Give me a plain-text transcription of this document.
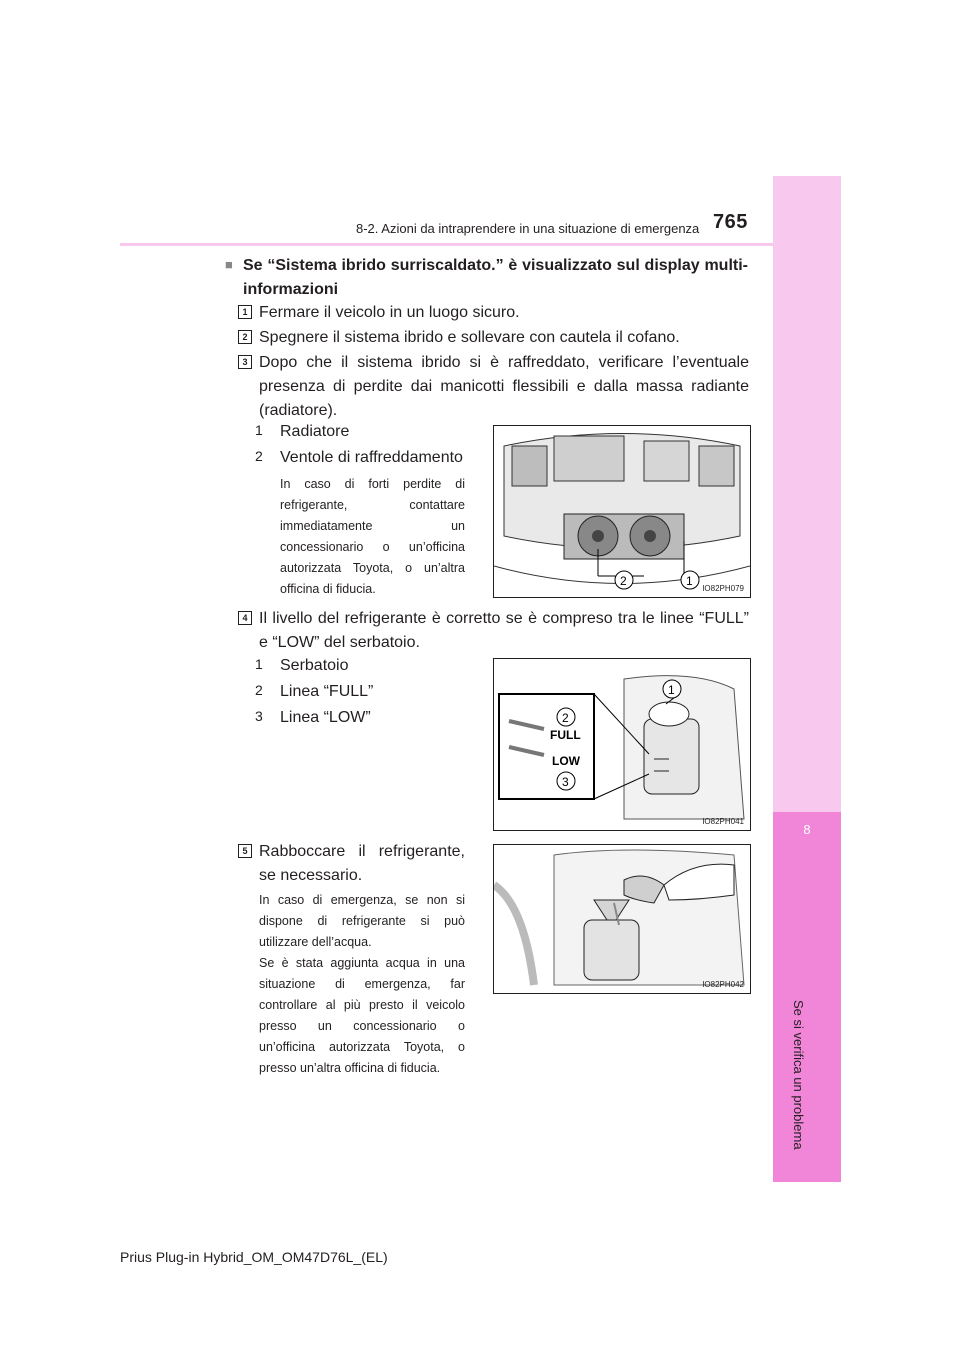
8
Se si verifica un problema
8-2. Azioni da intraprendere in una situazione di emergenza 765
■ Se “Sistema ibrido surriscaldato.” è visualizzato sul display multi-informazioni
1 Fermare il veicolo in un luogo sicuro.
2 Spegnere il sistema ibrido e sollevare con cautela il cofano.
3 Dopo che il sistema ibrido si è raffreddato, verificare l’eventuale presenza di perdite dai manicotti flessibili e dalla massa radiante (radiatore).
1 Radiatore
2 Ventole di raffreddamento
In caso di forti perdite di refrigerante, contattare immediatamente un concessionario o un’officina autorizzata Toyota, o un’altra officina di fiducia.
2	1
IO82PH079
4 Il livello del refrigerante è corretto se è compreso tra le linee “FULL” e “LOW” del serbatoio.
1 Serbatoio
2 Linea “FULL”
3 Linea “LOW”
1
FULL
LOW
2
3
IO82PH041
5 Rabboccare il refrigerante, se necessario.
In caso di emergenza, se non si dispone di refrigerante si può utilizzare dell’acqua.
Se è stata aggiunta acqua in una situazione di emergenza, far controllare al più presto il veicolo presso un concessionario o un’officina autorizzata Toyota, o presso un’altra officina di fiducia.
IO82PH042
Prius Plug-in Hybrid_OM_OM47D76L_(EL)
